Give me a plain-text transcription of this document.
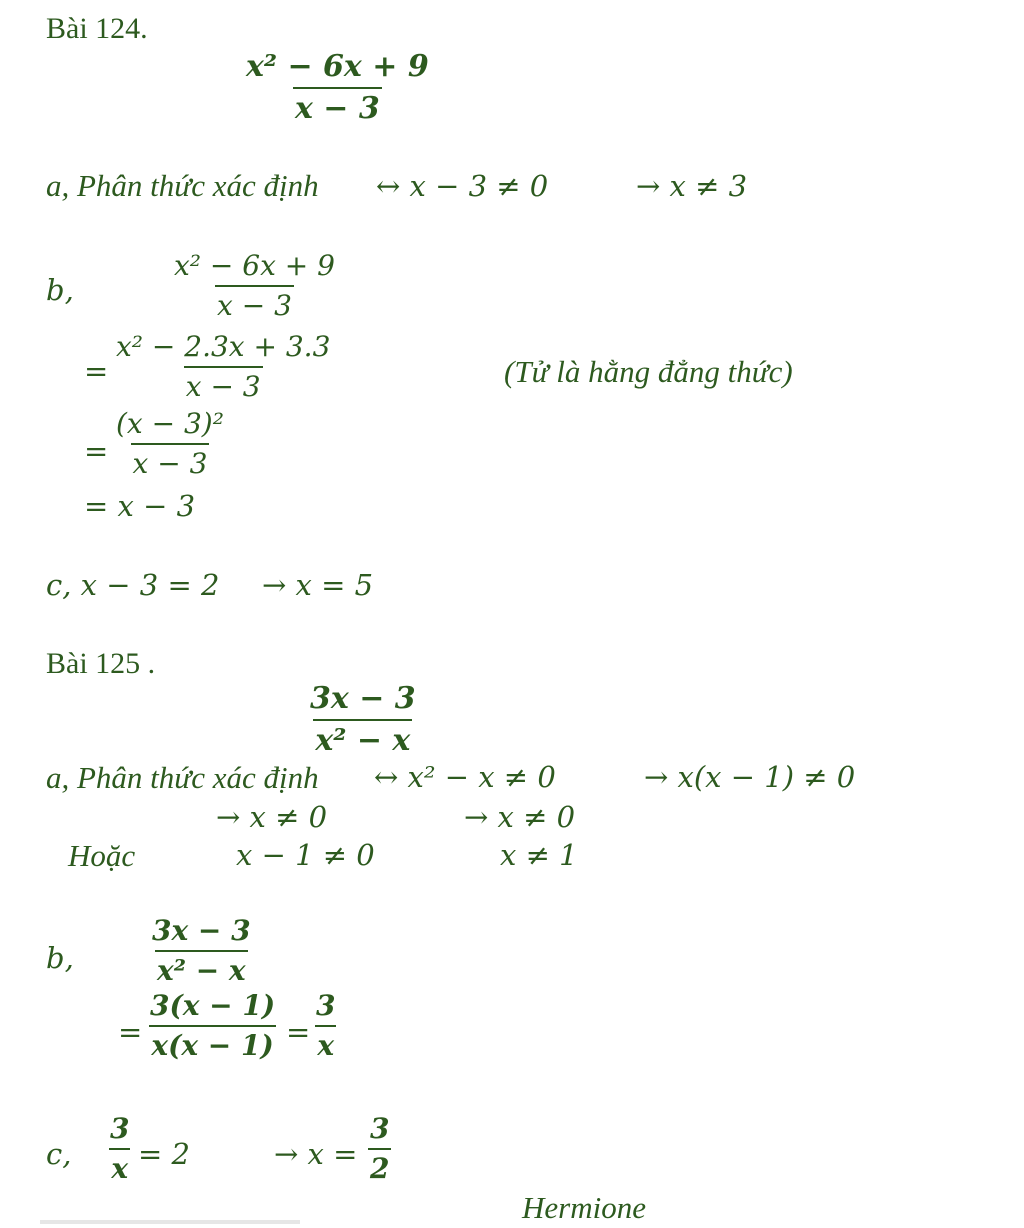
Bài 124.
$\frac{\text{x² − 6x + 9}}{x - 3}$
a, Phân thức xác định ↔ x − 3 ≠ 0	→ x ≠ 3
b,	$\frac{\text{x² − 6x + 9}}{x - 3}$
= $\frac{\text{x² − 2.3x + 3.3}}{x - 3}$	(Tử là hằng đẳng thức)
= $\frac{\text{(x − 3)²}}{x - 3}$
= x − 3
c, x − 3 = 2 → x = 5
Bài 125 .
$\frac{3x - 3}{\text{x² − x}}$
a, Phân thức xác định ↔ x² − x ≠ 0	→ x(x − 1) ≠ 0
→ x ≠ 0	→ x ≠ 0
Hoặc	x − 1 ≠ 0	x ≠ 1
b,	$\frac{3x - 3}{\text{x² − x}}$
= $\frac{3(x - 1)}{x(x - 1)} = \frac{3}{x}$
c, $\frac{3}{x} = 2$	→ $x = \frac{3}{2}$
Hermione
